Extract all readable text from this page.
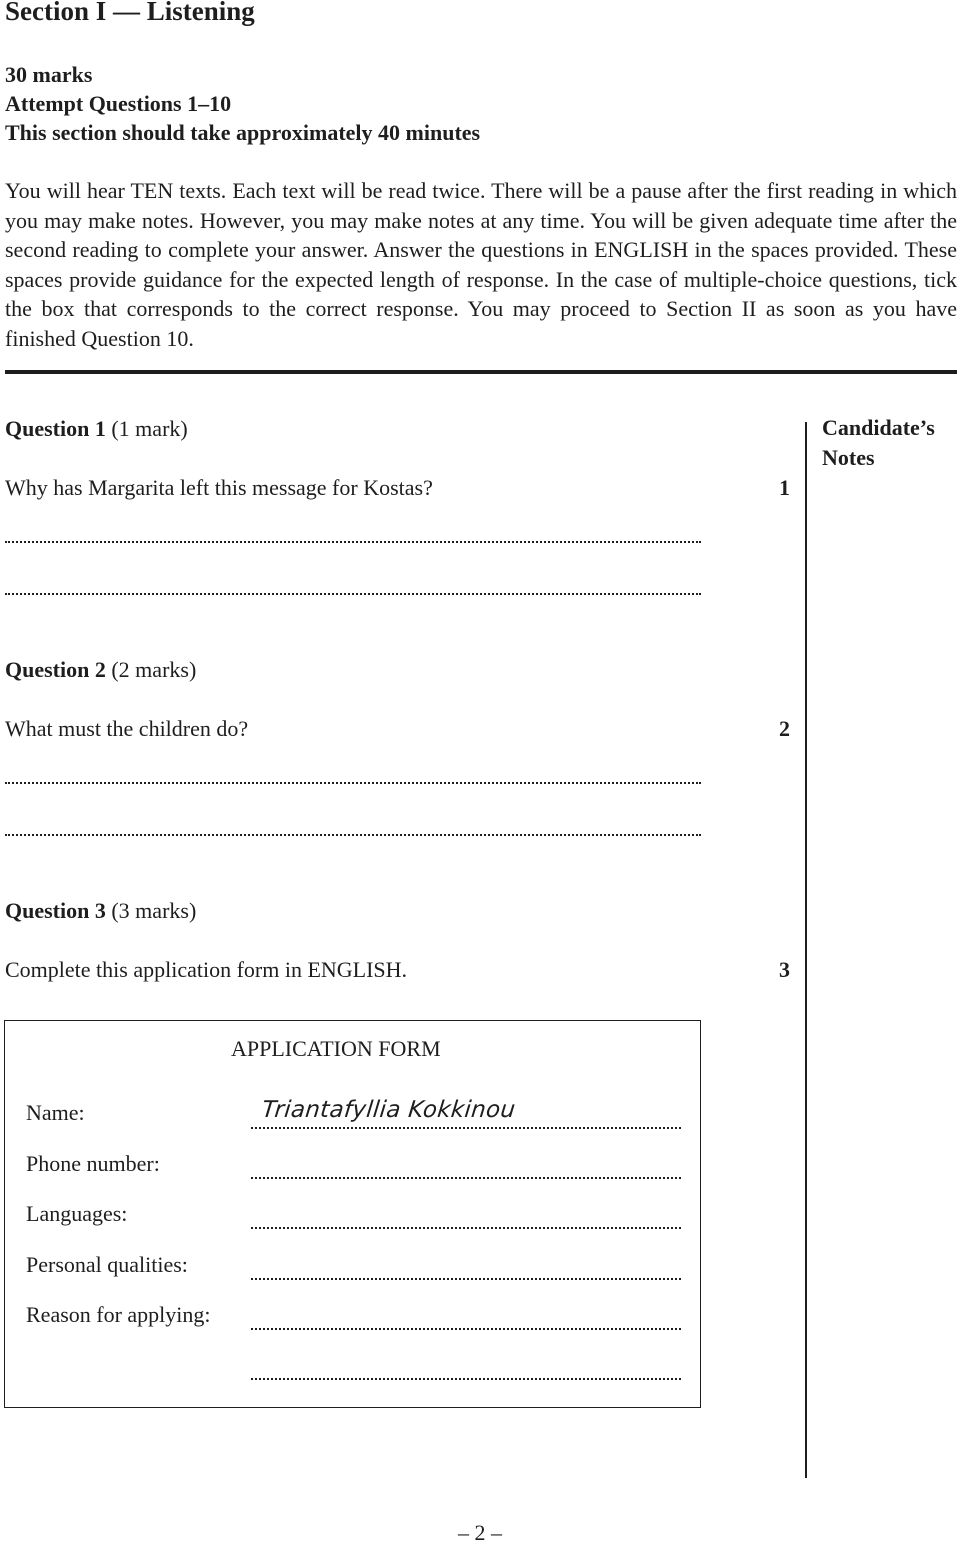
Section I — Listening
30 marks
Attempt Questions 1–10
This section should take approximately 40 minutes
You will hear TEN texts. Each text will be read twice. There will be a pause after the first reading in which you may make notes. However, you may make notes at any time. You will be given adequate time after the second reading to complete your answer. Answer the questions in ENGLISH in the spaces provided. These spaces provide guidance for the expected length of response. In the case of multiple-choice questions, tick the box that corresponds to the correct response. You may proceed to Section II as soon as you have finished Question 10.
Candidate’s Notes
Question 1 (1 mark)
Why has Margarita left this message for Kostas?	1
Question 2 (2 marks)
What must the children do?	2
Question 3 (3 marks)
Complete this application form in ENGLISH.	3
APPLICATION FORM
Name:	Triantafyllia Kokkinou
Phone number:
Languages:
Personal qualities:
Reason for applying:
– 2 –
